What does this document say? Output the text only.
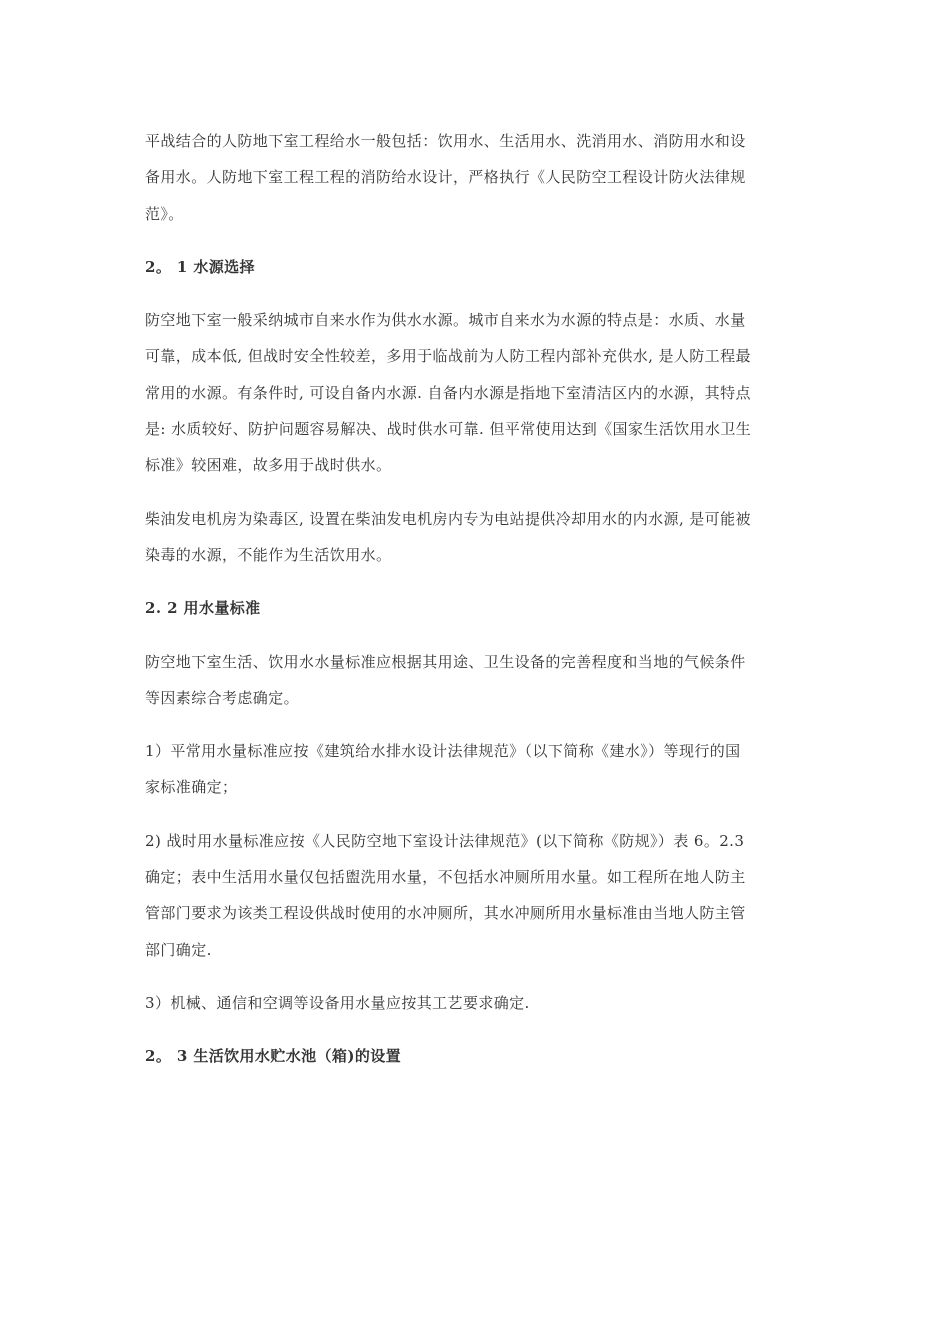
平战结合的人防地下室工程给水一般包括：饮用水、生活用水、洗消用水、消防用水和设
备用水。人防地下室工程工程的消防给水设计，严格执行《人民防空工程设计防火法律规
范》。

2。 1 水源选择

防空地下室一般采纳城市自来水作为供水水源。城市自来水为水源的特点是：水质、水量
可靠，成本低, 但战时安全性较差，多用于临战前为人防工程内部补充供水, 是人防工程最
常用的水源。有条件时, 可设自备内水源. 自备内水源是指地下室清洁区内的水源，其特点
是: 水质较好、防护问题容易解决、战时供水可靠. 但平常使用达到《国家生活饮用水卫生
标准》较困难，故多用于战时供水。

柴油发电机房为染毒区, 设置在柴油发电机房内专为电站提供冷却用水的内水源, 是可能被
染毒的水源，不能作为生活饮用水。

2. 2 用水量标准

防空地下室生活、饮用水水量标准应根据其用途、卫生设备的完善程度和当地的气候条件
等因素综合考虑确定。

1）平常用水量标准应按《建筑给水排水设计法律规范》（以下简称《建水》）等现行的国
家标准确定；

2) 战时用水量标准应按《人民防空地下室设计法律规范》(以下简称《防规》）表 6。2.3
确定；表中生活用水量仅包括盥洗用水量，不包括水冲厕所用水量。如工程所在地人防主
管部门要求为该类工程设供战时使用的水冲厕所，其水冲厕所用水量标准由当地人防主管
部门确定.

3）机械、通信和空调等设备用水量应按其工艺要求确定.

2。 3 生活饮用水贮水池（箱)的设置
